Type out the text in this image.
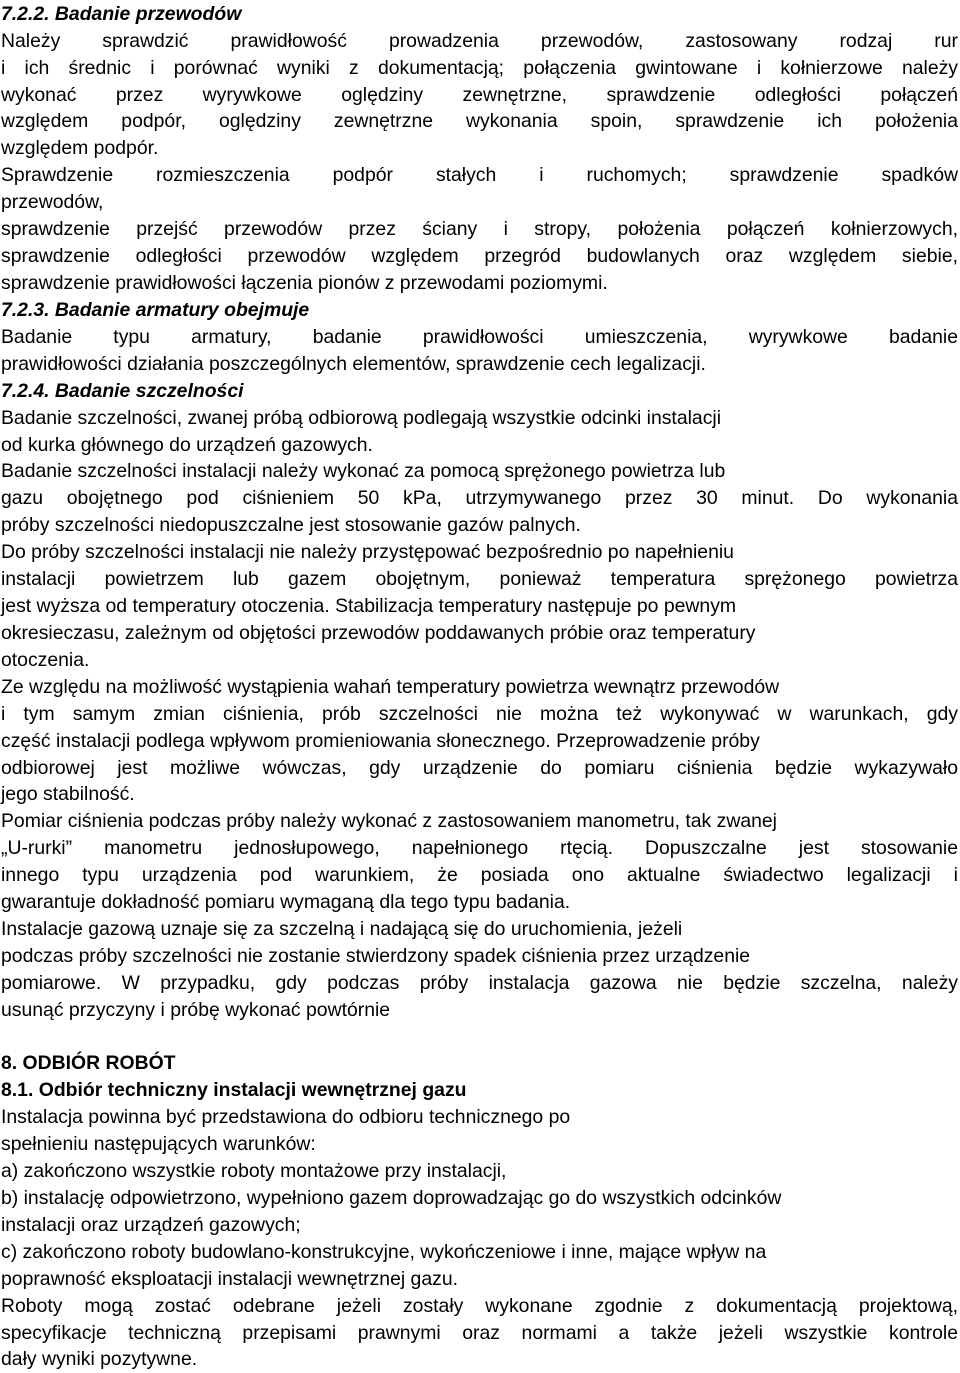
7.2.2. Badanie przewodów
Należy sprawdzić prawidłowość prowadzenia przewodów, zastosowany rodzaj rur
i ich średnic i porównać wyniki z dokumentacją; połączenia gwintowane i kołnierzowe należy
wykonać przez wyrywkowe oględziny zewnętrzne, sprawdzenie odległości połączeń
względem podpór, oględziny zewnętrzne wykonania spoin, sprawdzenie ich położenia
względem podpór.
Sprawdzenie rozmieszczenia podpór stałych i ruchomych; sprawdzenie spadków
przewodów,
sprawdzenie przejść przewodów przez ściany i stropy, położenia połączeń kołnierzowych,
sprawdzenie odległości przewodów względem przegród budowlanych oraz względem siebie,
sprawdzenie prawidłowości łączenia pionów z przewodami poziomymi.
7.2.3. Badanie armatury obejmuje
Badanie typu armatury, badanie prawidłowości umieszczenia, wyrywkowe badanie
prawidłowości działania poszczególnych elementów, sprawdzenie cech legalizacji.
7.2.4. Badanie szczelności
Badanie szczelności, zwanej próbą odbiorową podlegają wszystkie odcinki instalacji
od kurka głównego do urządzeń gazowych.
Badanie szczelności instalacji należy wykonać za pomocą sprężonego powietrza lub
gazu obojętnego pod ciśnieniem 50 kPa, utrzymywanego przez 30 minut. Do wykonania
próby szczelności niedopuszczalne jest stosowanie gazów palnych.
Do próby szczelności instalacji nie należy przystępować bezpośrednio po napełnieniu
instalacji powietrzem lub gazem obojętnym, ponieważ temperatura sprężonego powietrza
jest wyższa od temperatury otoczenia. Stabilizacja temperatury następuje po pewnym
okresieczasu, zależnym od objętości przewodów poddawanych próbie oraz temperatury
otoczenia.
Ze względu na możliwość wystąpienia wahań temperatury powietrza wewnątrz przewodów
i tym samym zmian ciśnienia, prób szczelności nie można też wykonywać w warunkach, gdy
część instalacji podlega wpływom promieniowania słonecznego. Przeprowadzenie próby
odbiorowej jest możliwe wówczas, gdy urządzenie do pomiaru ciśnienia będzie wykazywało
jego stabilność.
Pomiar ciśnienia podczas próby należy wykonać z zastosowaniem manometru, tak zwanej
„U-rurki” manometru jednosłupowego, napełnionego rtęcią. Dopuszczalne jest stosowanie
innego typu urządzenia pod warunkiem, że posiada ono aktualne świadectwo legalizacji i
gwarantuje dokładność pomiaru wymaganą dla tego typu badania.
Instalacje gazową uznaje się za szczelną i nadającą się do uruchomienia, jeżeli
podczas próby szczelności nie zostanie stwierdzony spadek ciśnienia przez urządzenie
pomiarowe. W przypadku, gdy podczas próby instalacja gazowa nie będzie szczelna, należy
usunąć przyczyny i próbę wykonać powtórnie
8. ODBIÓR ROBÓT
8.1. Odbiór techniczny instalacji wewnętrznej gazu
Instalacja powinna być przedstawiona do odbioru technicznego po
spełnieniu następujących warunków:
a) zakończono wszystkie roboty montażowe przy instalacji,
b) instalację odpowietrzono, wypełniono gazem doprowadzając go do wszystkich odcinków
instalacji oraz urządzeń gazowych;
c) zakończono roboty budowlano-konstrukcyjne, wykończeniowe i inne, mające wpływ na
poprawność eksploatacji instalacji wewnętrznej gazu.
Roboty mogą zostać odebrane jeżeli zostały wykonane zgodnie z dokumentacją projektową,
specyfikacje techniczną przepisami prawnymi oraz normami a także jeżeli wszystkie kontrole
dały wyniki pozytywne.
